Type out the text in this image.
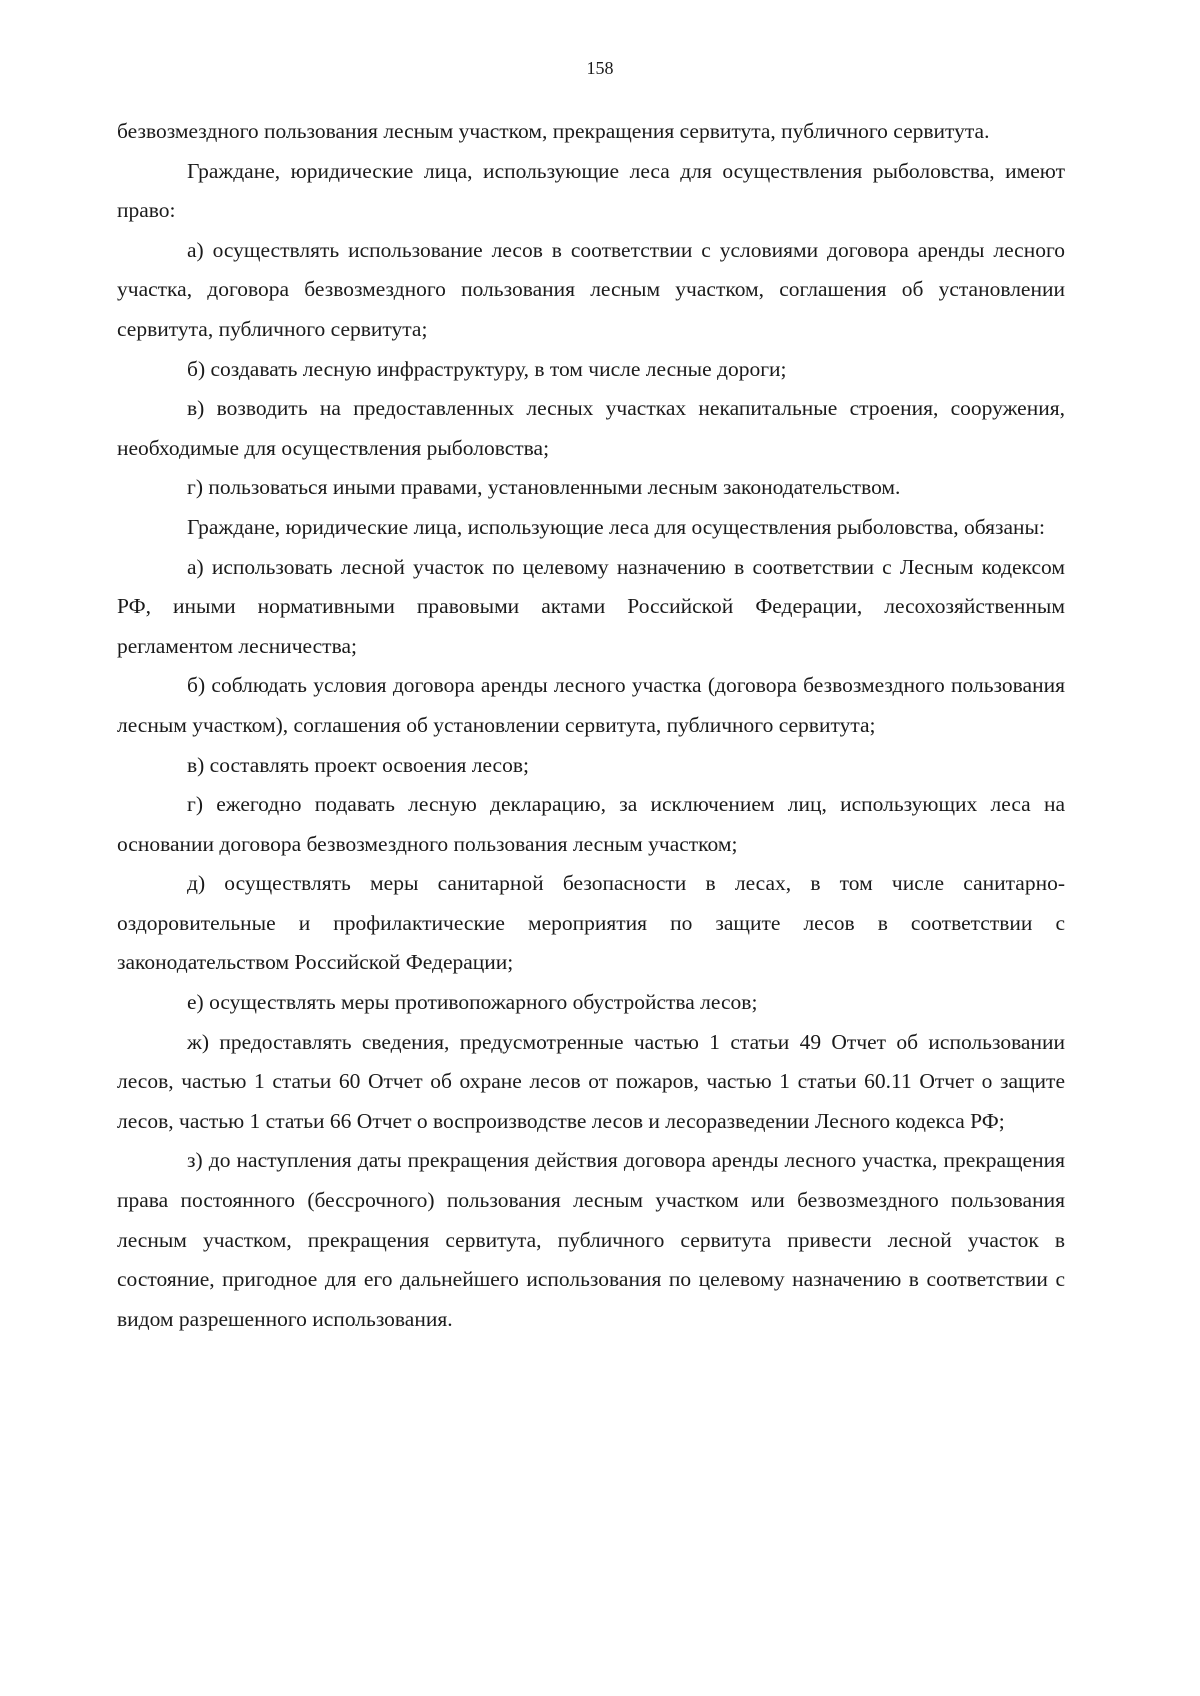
158

безвозмездного пользования лесным участком, прекращения сервитута, публичного сервитута.

Граждане, юридические лица, использующие леса для осуществления рыболовства, имеют право:

а) осуществлять использование лесов в соответствии с условиями договора аренды лесного участка, договора безвозмездного пользования лесным участком, соглашения об установлении сервитута, публичного сервитута;

б) создавать лесную инфраструктуру, в том числе лесные дороги;

в) возводить на предоставленных лесных участках некапитальные строения, сооружения, необходимые для осуществления рыболовства;

г) пользоваться иными правами, установленными лесным законодательством.

Граждане, юридические лица, использующие леса для осуществления рыболовства, обязаны:

а) использовать лесной участок по целевому назначению в соответствии с Лесным кодексом РФ, иными нормативными правовыми актами Российской Федерации, лесохозяйственным регламентом лесничества;

б) соблюдать условия договора аренды лесного участка (договора безвозмездного пользования лесным участком), соглашения об установлении сервитута, публичного сервитута;

в) составлять проект освоения лесов;

г) ежегодно подавать лесную декларацию, за исключением лиц, использующих леса на основании договора безвозмездного пользования лесным участком;

д) осуществлять меры санитарной безопасности в лесах, в том числе санитарно-оздоровительные и профилактические мероприятия по защите лесов в соответствии с законодательством Российской Федерации;

е) осуществлять меры противопожарного обустройства лесов;

ж) предоставлять сведения, предусмотренные частью 1 статьи 49 Отчет об использовании лесов, частью 1 статьи 60 Отчет об охране лесов от пожаров, частью 1 статьи 60.11 Отчет о защите лесов, частью 1 статьи 66 Отчет о воспроизводстве лесов и лесоразведении Лесного кодекса РФ;

з) до наступления даты прекращения действия договора аренды лесного участка, прекращения права постоянного (бессрочного) пользования лесным участком или безвозмездного пользования лесным участком, прекращения сервитута, публичного сервитута привести лесной участок в состояние, пригодное для его дальнейшего использования по целевому назначению в соответствии с видом разрешенного использования.
